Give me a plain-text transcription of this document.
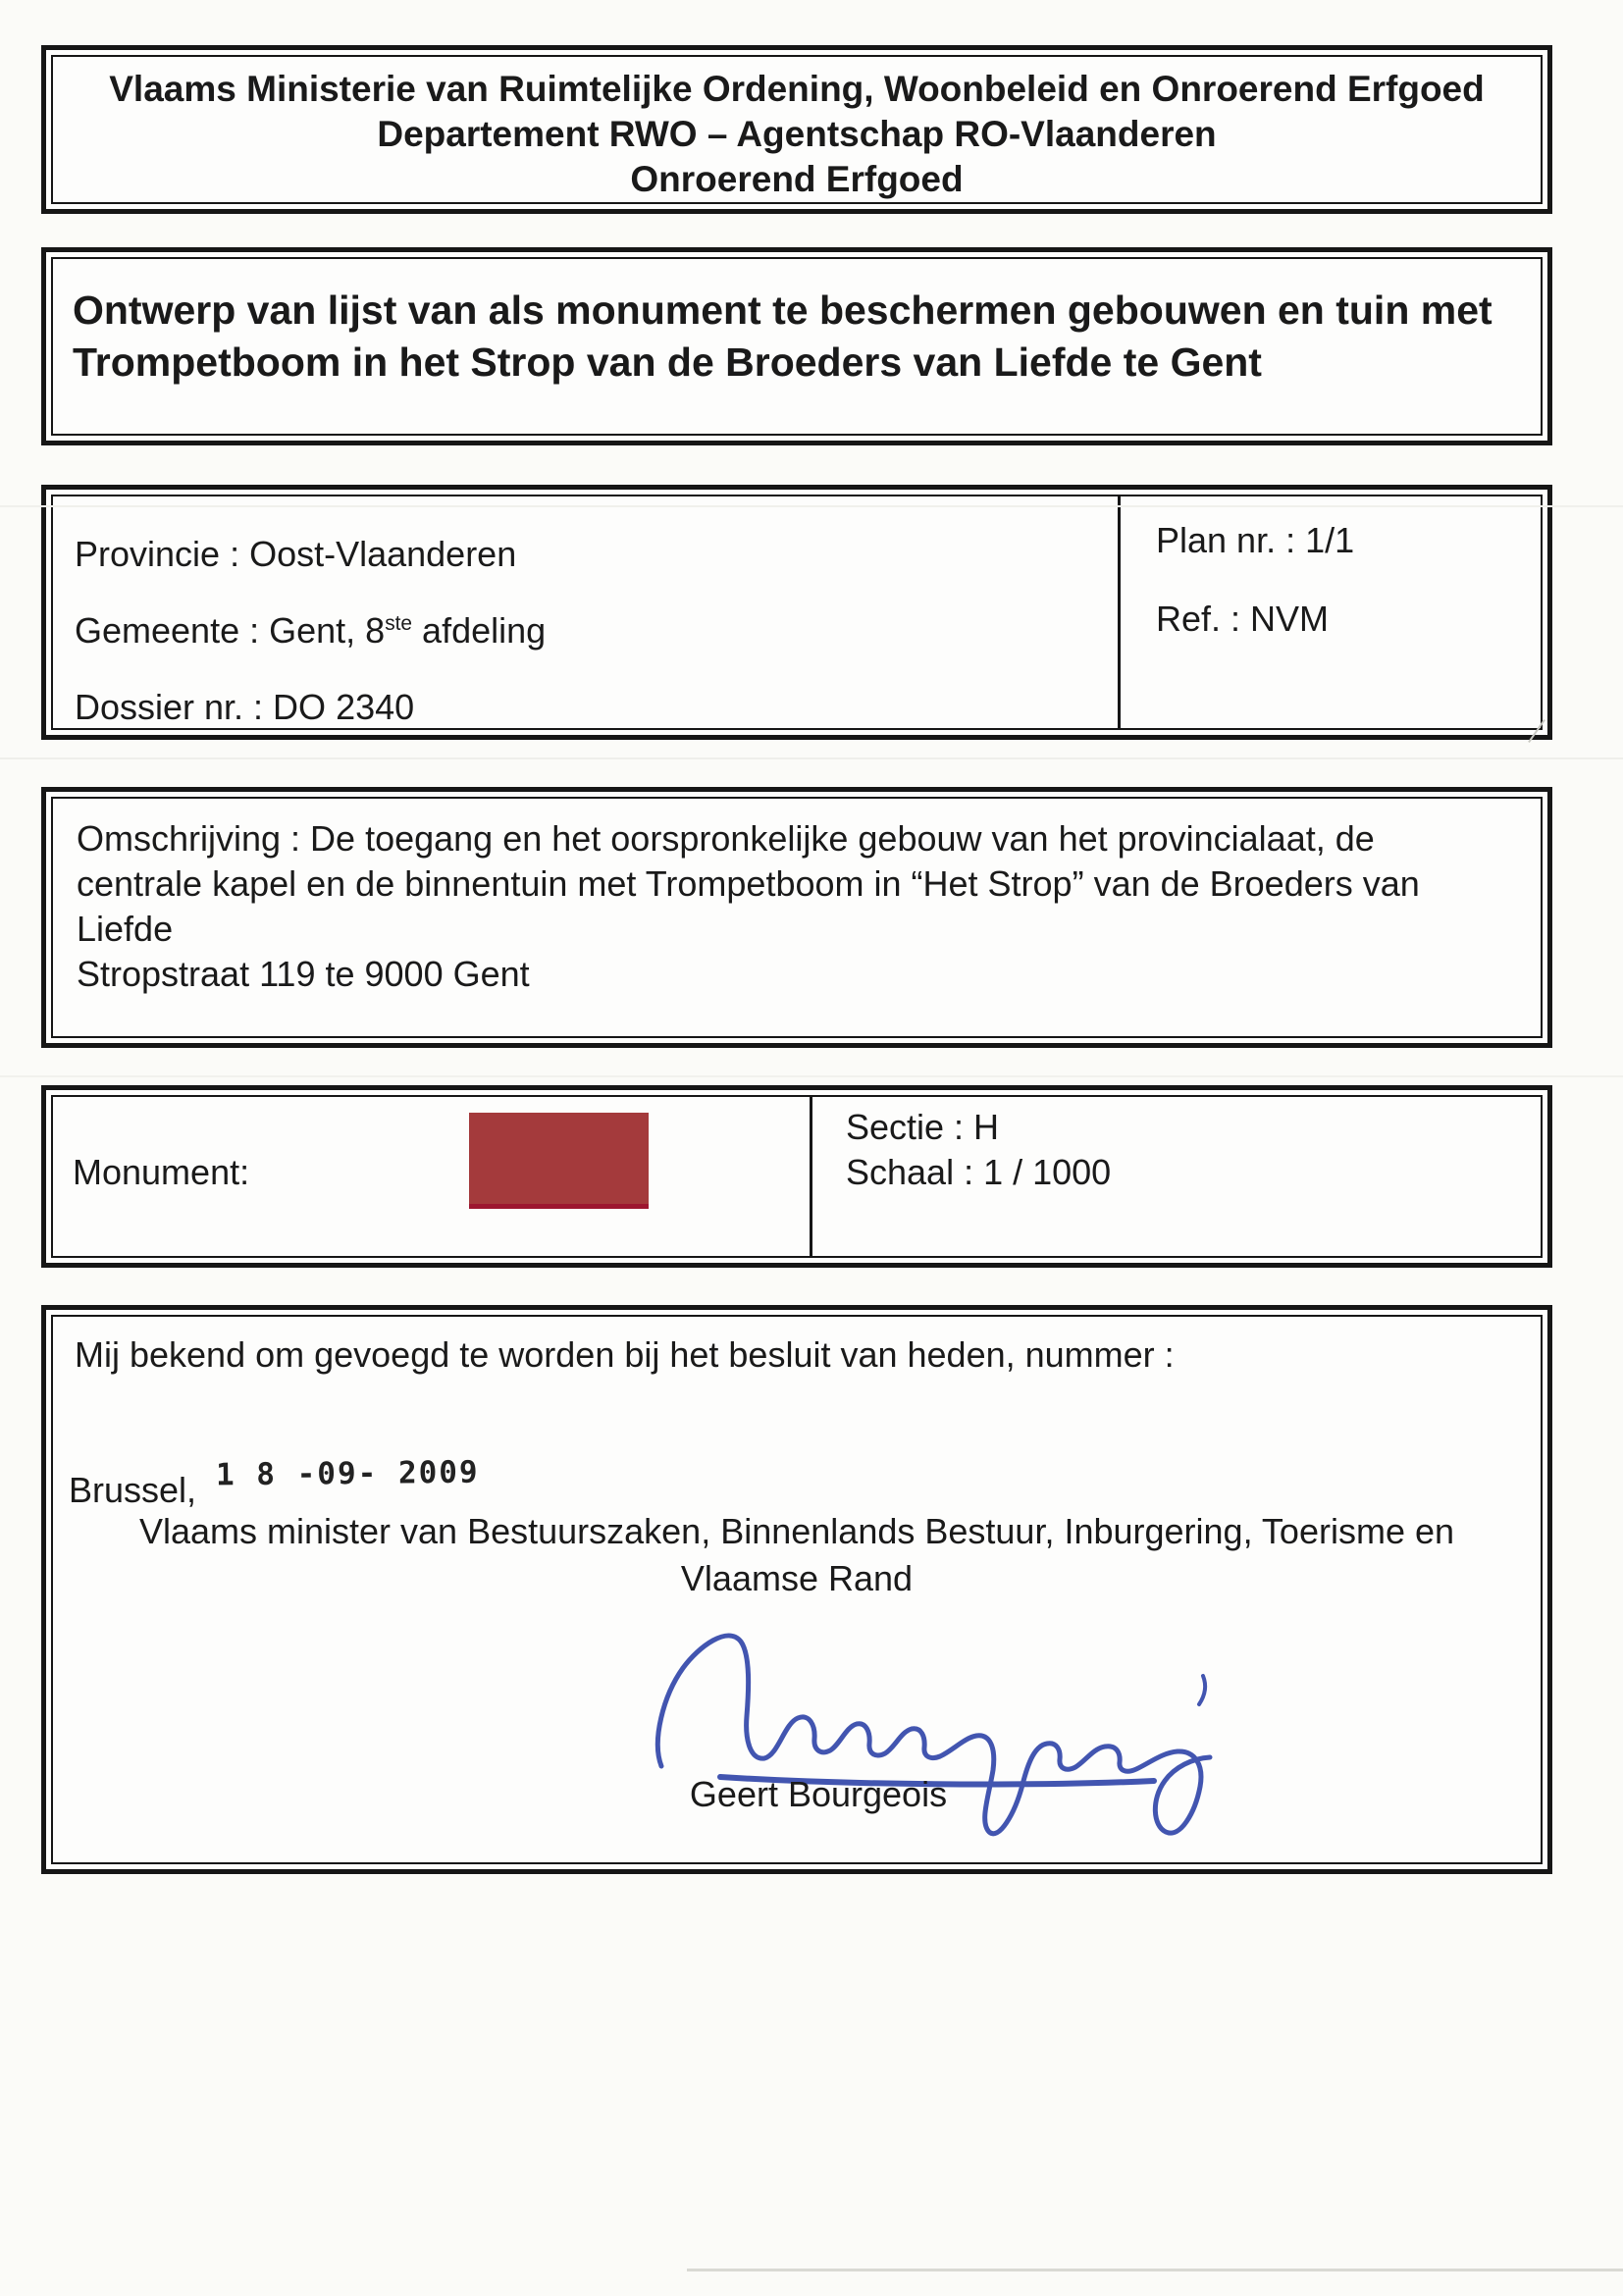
Vlaams Ministerie van Ruimtelijke Ordening, Woonbeleid en Onroerend Erfgoed
Departement RWO – Agentschap RO-Vlaanderen
Onroerend Erfgoed
Ontwerp van lijst van als monument te beschermen gebouwen en tuin met
Trompetboom in het Strop van de Broeders van Liefde te Gent
Provincie : Oost-Vlaanderen
Gemeente : Gent, 8ste afdeling
Dossier nr. : DO 2340
Plan nr. : 1/1
Ref. : NVM
Omschrijving : De toegang en het oorspronkelijke gebouw van het provincialaat, de
centrale kapel en de binnentuin met Trompetboom in “Het Strop” van de Broeders van
Liefde
Stropstraat 119 te 9000 Gent
Monument:
Sectie : H
Schaal : 1 / 1000
Mij bekend om gevoegd te worden bij het besluit van heden, nummer :
Brussel, 1 8 -09- 2009
Vlaams minister van Bestuurszaken, Binnenlands Bestuur, Inburgering, Toerisme en
Vlaamse Rand
Geert Bourgeois
